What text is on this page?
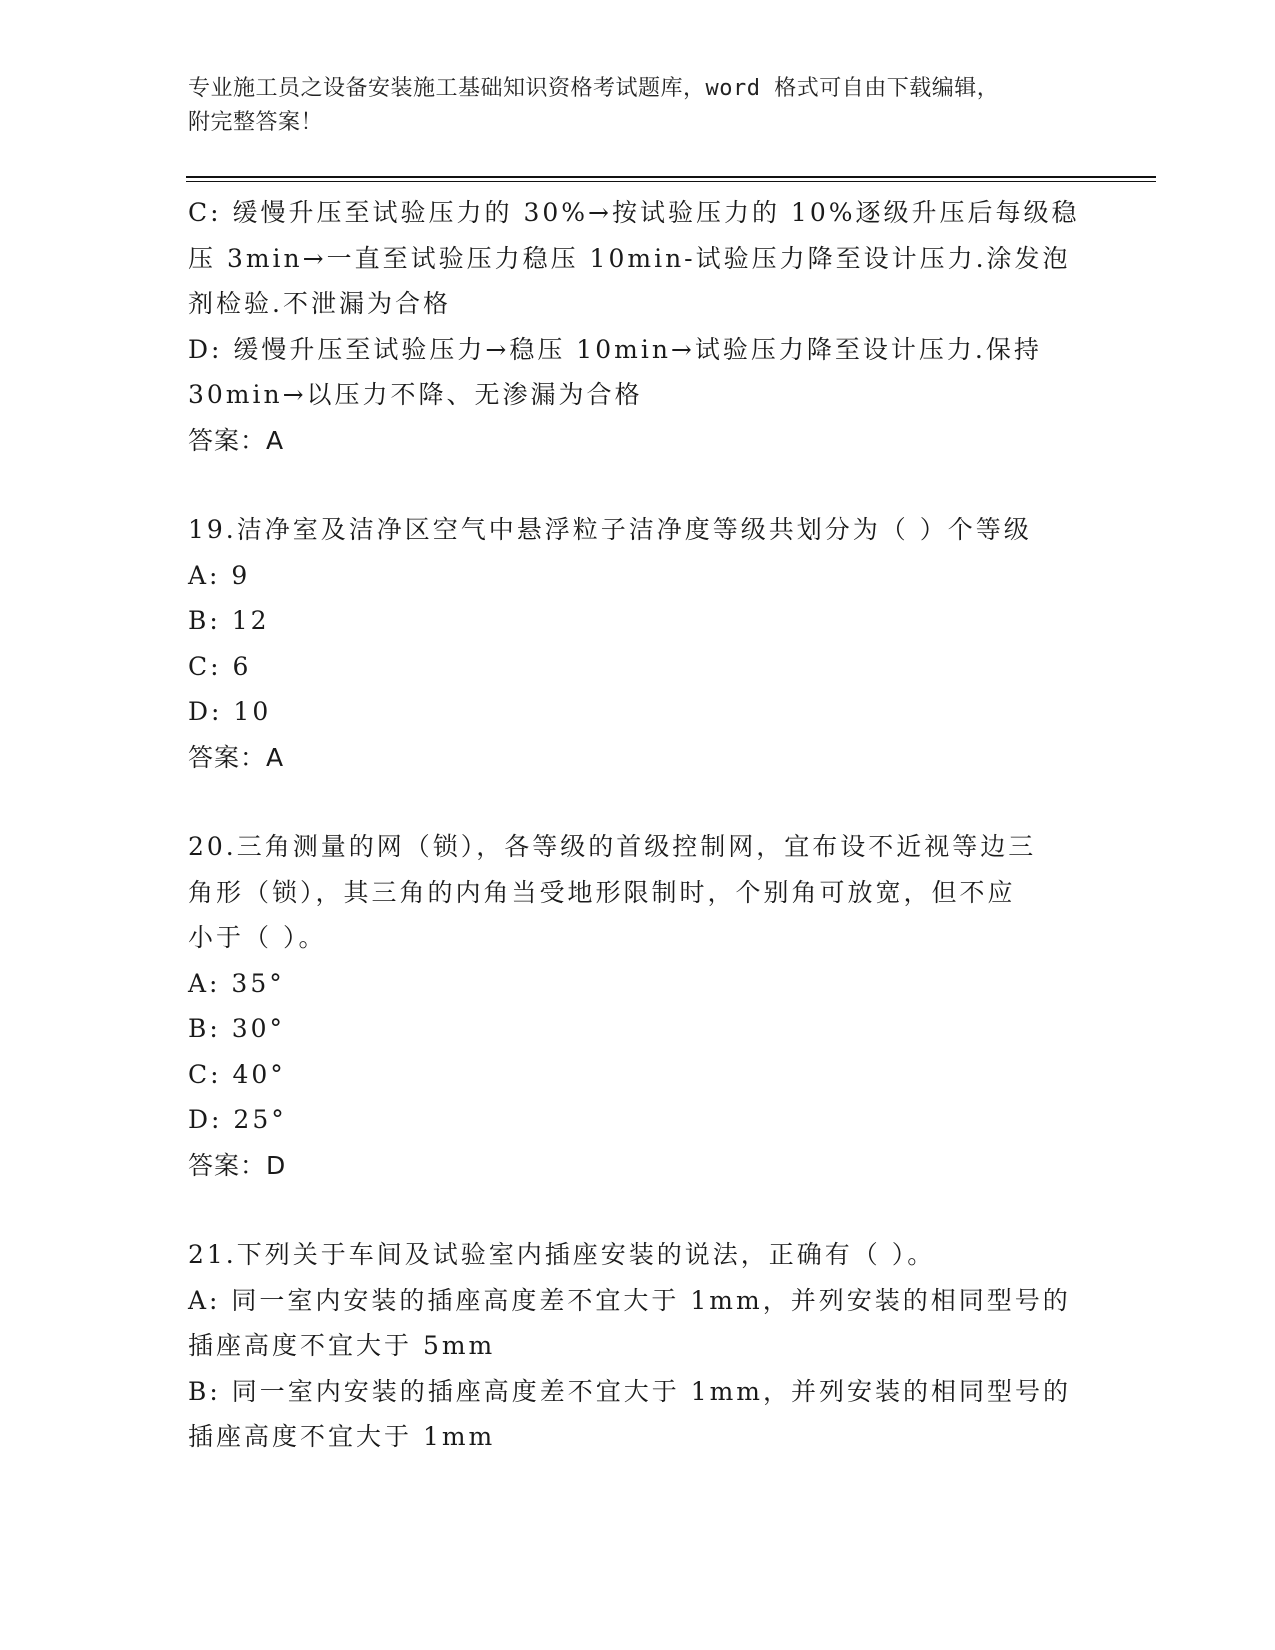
专业施工员之设备安装施工基础知识资格考试题库，word 格式可自由下载编辑，
附完整答案！
C: 缓慢升压至试验压力的 30%→按试验压力的 10%逐级升压后每级稳
压 3min→一直至试验压力稳压 10min-试验压力降至设计压力.涂发泡
剂检验.不泄漏为合格
D: 缓慢升压至试验压力→稳压 10min→试验压力降至设计压力.保持
30min→以压力不降、无渗漏为合格
答案：A
19.洁净室及洁净区空气中悬浮粒子洁净度等级共划分为（ ）个等级
A: 9
B: 12
C: 6
D: 10
答案：A
20.三角测量的网（锁），各等级的首级控制网，宜布设不近视等边三
角形（锁），其三角的内角当受地形限制时，个别角可放宽，但不应
小于（ ）。
A: 35°
B: 30°
C: 40°
D: 25°
答案：D
21.下列关于车间及试验室内插座安装的说法，正确有（ ）。
A: 同一室内安装的插座高度差不宜大于 1mm，并列安装的相同型号的
插座高度不宜大于 5mm
B: 同一室内安装的插座高度差不宜大于 1mm，并列安装的相同型号的
插座高度不宜大于 1mm
